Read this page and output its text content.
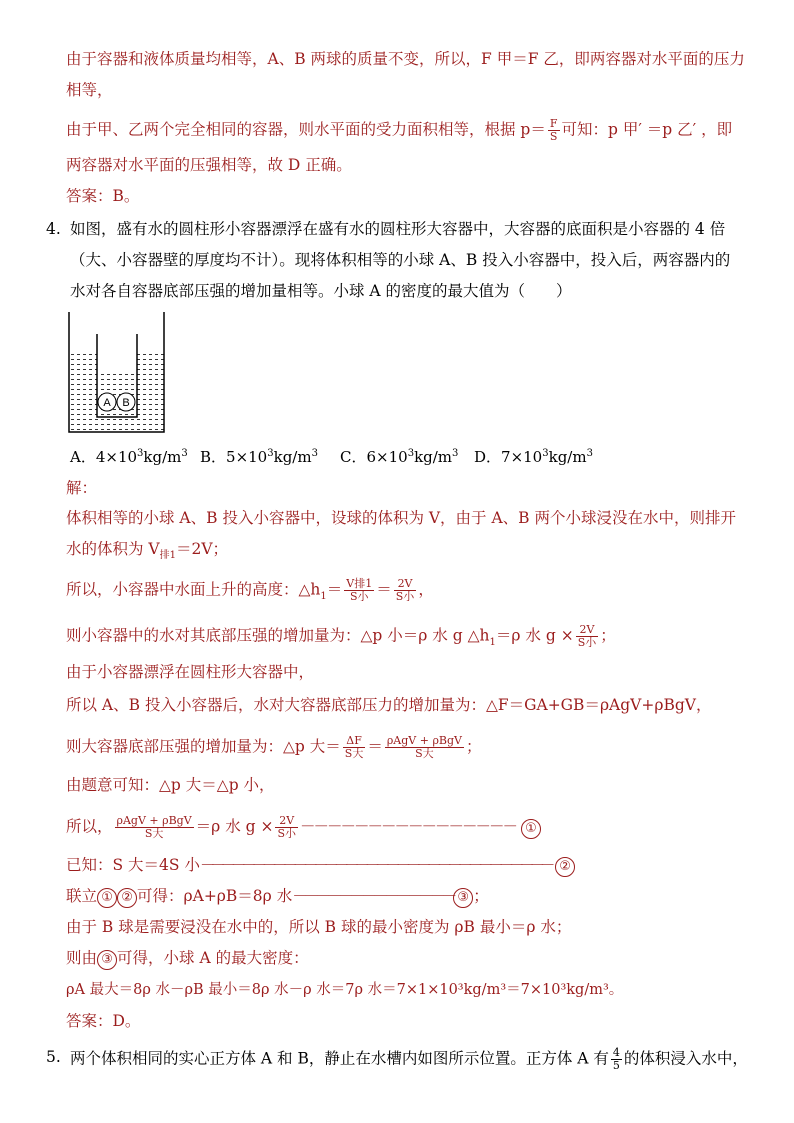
由于容器和液体质量均相等，A、B 两球的质量不变，所以，F 甲＝F 乙，即两容器对水平面的压力
相等，
由于甲、乙两个完全相同的容器，则水平面的受力面积相等，根据 $p= \frac{F}{S}$ 可知：p 甲′ ＝p 乙′ ，即
两容器对水平面的压强相等，故 D 正确。
答案：B。
4. 如图，盛有水的圆柱形小容器漂浮在盛有水的圆柱形大容器中，大容器的底面积是小容器的 4 倍
（大、小容器壁的厚度均不计）。现将体积相等的小球 A、B 投入小容器中，投入后，两容器内的
水对各自容器底部压强的增加量相等。小球 A 的密度的最大值为（　　）
A B
A．$4\times 10^3kg/m^3$ B．$5\times 10^3kg/m^3$ C．$6\times 10^3kg/m^3$ D．$7\times 10^3kg/m^3$
解：
体积相等的小球 A、B 投入小容器中，设球的体积为 V，由于 A、B 两个小球浸没在水中，则排开
水的体积为 $V_{排1}=2V$；
所以，小容器中水面上升的高度：$\triangle h_1= \frac{\text{V排1}}{\text{S小}} = \frac{2V}{\text{S小}}$ ，
则小容器中的水对其底部压强的增加量为：△p 小＝ρ 水 g $\triangle h_1=\rho$ 水 $g \times \frac{2V}{\text{S小}}$ ；
由于小容器漂浮在圆柱形大容器中，
所以 A、B 投入小容器后，水对大容器底部压力的增加量为：△F＝GA+GB＝ρAgV+ρBgV，
则大容器底部压强的增加量为：△p 大＝ $\frac{\Delta F}{\text{S大}} = \frac{\text{ρAgV + ρBgV}}{\text{S大}}$ ；
由题意可知：△p 大＝△p 小，
所以， $\frac{\text{ρAgV + ρBgV}}{\text{S大}} =\rho$ 水 $g \times \frac{2V}{\text{S小}}$ －－－－－－－－－－－－－－－－ ①
已知：S 大＝4S 小－－－－－－－－－－－－－－－－－－－－－－－－－－－－－－－－－－ ②
联立 ① ② 可得：ρA+ρB＝8ρ 水－－－－－－－－－－－－－－ ③ ；
由于 B 球是需要浸没在水中的，所以 B 球的最小密度为 ρB 最小＝ρ 水；
则由 ③ 可得，小球 A 的最大密度：
ρA 最大＝8ρ 水－ρB 最小＝8ρ 水－ρ 水＝7ρ 水＝7×1×10³kg/m³＝7×10³kg/m³。
答案：D。
5. 两个体积相同的实心正方体 A 和 B，静止在水槽内如图所示位置。正方体 A 有 $\frac{4}{5}$ 的体积浸入水中，
